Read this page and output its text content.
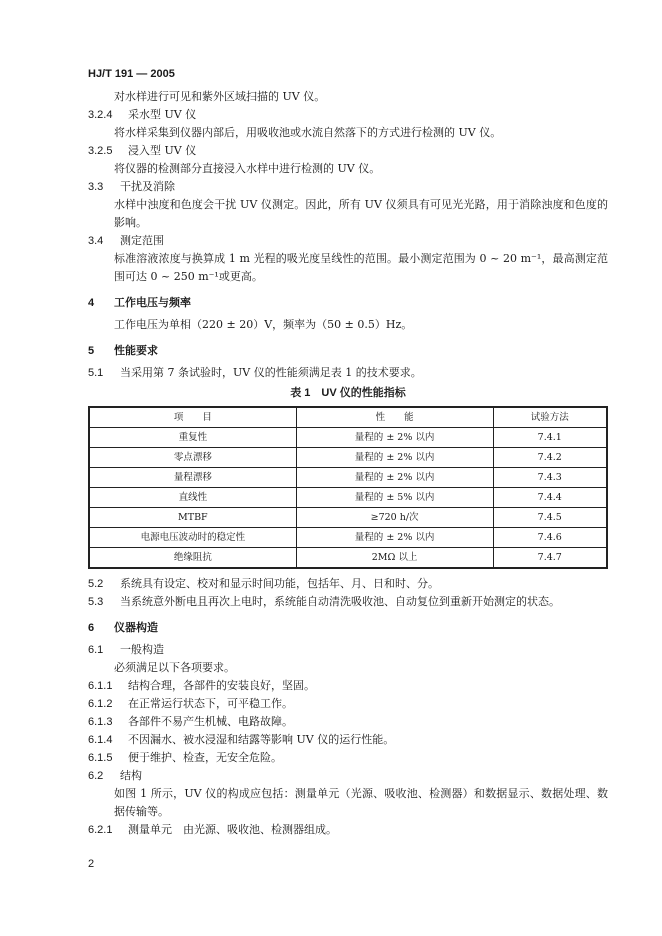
HJ/T 191 — 2005
对水样进行可见和紫外区域扫描的 UV 仪。
3.2.4	采水型 UV 仪
将水样采集到仪器内部后，用吸收池或水流自然落下的方式进行检测的 UV 仪。
3.2.5	浸入型 UV 仪
将仪器的检测部分直接浸入水样中进行检测的 UV 仪。
3.3	干扰及消除
水样中浊度和色度会干扰 UV 仪测定。因此，所有 UV 仪须具有可见光光路，用于消除浊度和色度的影响。
3.4	测定范围
标准溶液浓度与换算成 1 m 光程的吸光度呈线性的范围。最小测定范围为 0 ~ 20 m⁻¹，最高测定范围可达 0 ~ 250 m⁻¹或更高。
4	工作电压与频率
工作电压为单相（220 ± 20）V，频率为（50 ± 0.5）Hz。
5	性能要求
5.1	当采用第 7 条试验时，UV 仪的性能须满足表 1 的技术要求。
表 1　UV 仪的性能指标
项　　目	性　　能	试验方法
重复性	量程的 ± 2% 以内	7.4.1
零点漂移	量程的 ± 2% 以内	7.4.2
量程漂移	量程的 ± 2% 以内	7.4.3
直线性	量程的 ± 5% 以内	7.4.4
MTBF	≥720 h/次	7.4.5
电源电压波动时的稳定性	量程的 ± 2% 以内	7.4.6
绝缘阻抗	2MΩ 以上	7.4.7
5.2	系统具有设定、校对和显示时间功能，包括年、月、日和时、分。
5.3	当系统意外断电且再次上电时，系统能自动清洗吸收池、自动复位到重新开始测定的状态。
6	仪器构造
6.1	一般构造
必须满足以下各项要求。
6.1.1	结构合理，各部件的安装良好，坚固。
6.1.2	在正常运行状态下，可平稳工作。
6.1.3	各部件不易产生机械、电路故障。
6.1.4	不因漏水、被水浸湿和结露等影响 UV 仪的运行性能。
6.1.5	便于维护、检查，无安全危险。
6.2	结构
如图 1 所示，UV 仪的构成应包括：测量单元（光源、吸收池、检测器）和数据显示、数据处理、数据传输等。
6.2.1	测量单元　由光源、吸收池、检测器组成。
2
